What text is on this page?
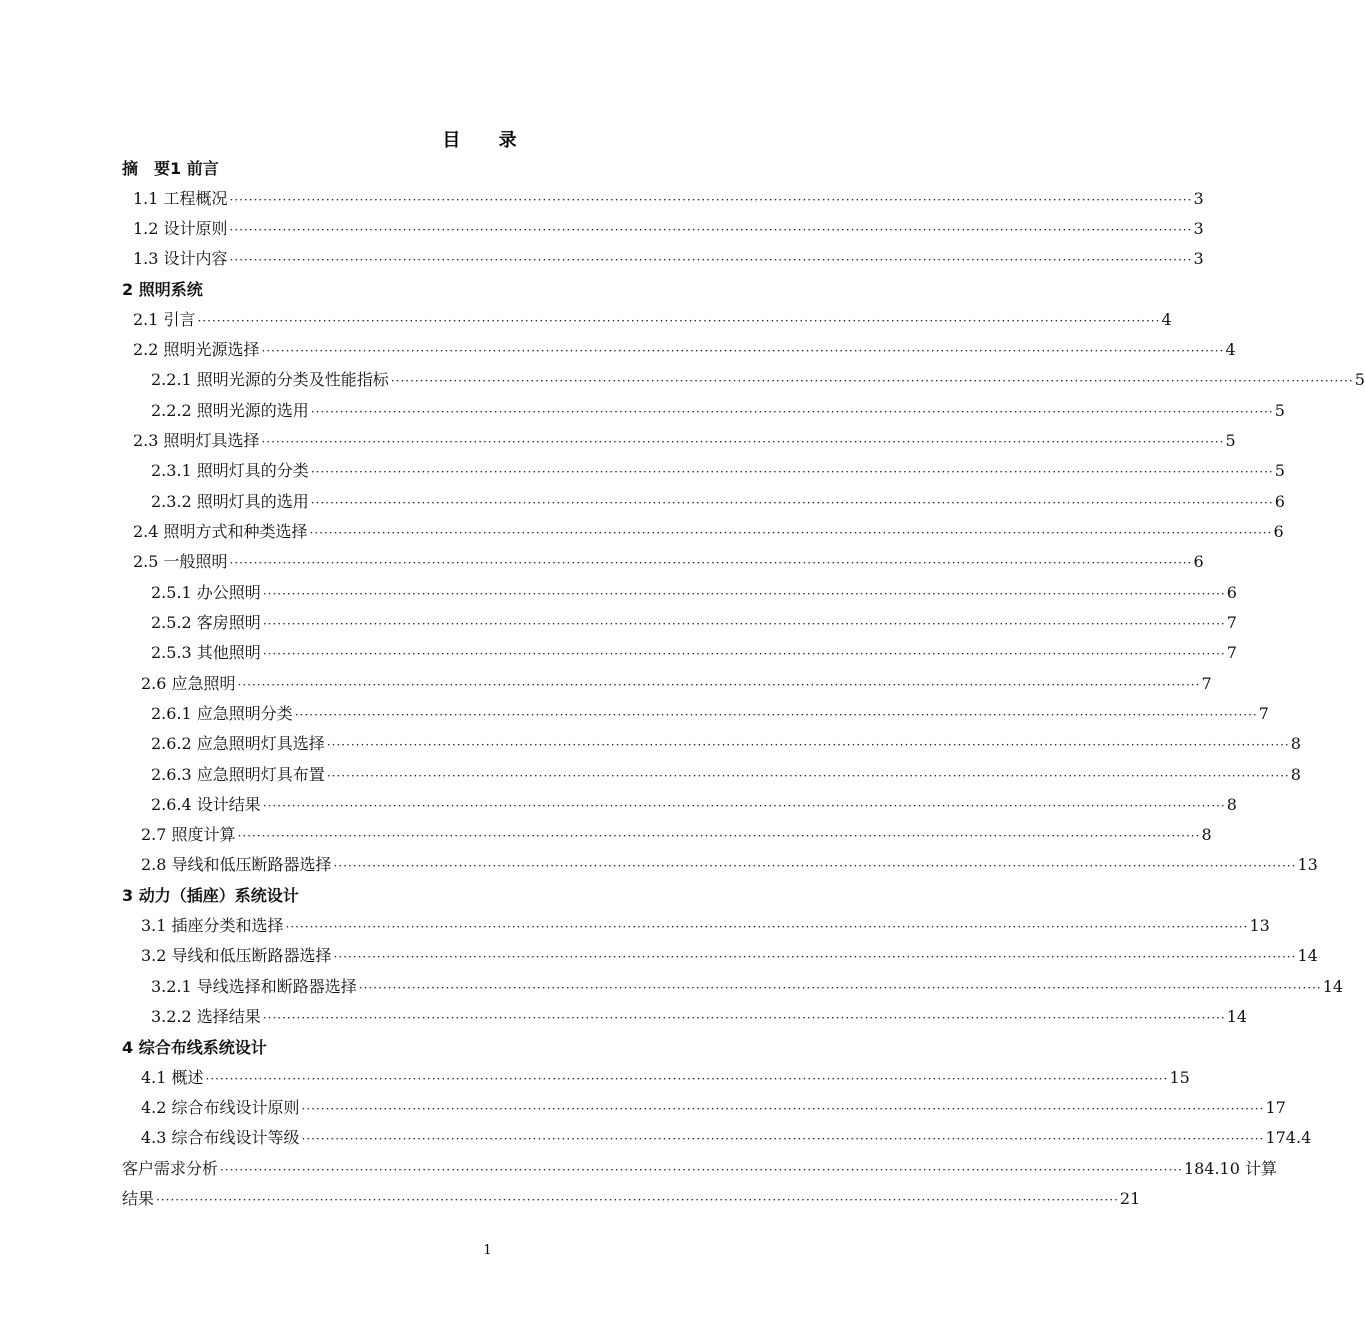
目 录
摘　要1 前言
1.1 工程概况 ········································································································································································································ 3
1.2 设计原则 ········································································································································································································ 3
1.3 设计内容 ········································································································································································································ 3
2 照明系统
2.1 引言 ········································································································································································································ 4
2.2 照明光源选择 ········································································································································································································ 4
2.2.1 照明光源的分类及性能指标 ········································································································································································································ 5
2.2.2 照明光源的选用 ········································································································································································································ 5
2.3 照明灯具选择 ········································································································································································································ 5
2.3.1 照明灯具的分类 ········································································································································································································ 5
2.3.2 照明灯具的选用 ········································································································································································································ 6
2.4 照明方式和种类选择 ········································································································································································································ 6
2.5 一般照明 ········································································································································································································ 6
2.5.1 办公照明 ········································································································································································································ 6
2.5.2 客房照明 ········································································································································································································ 7
2.5.3 其他照明 ········································································································································································································ 7
2.6 应急照明 ········································································································································································································ 7
2.6.1 应急照明分类 ········································································································································································································ 7
2.6.2 应急照明灯具选择 ········································································································································································································ 8
2.6.3 应急照明灯具布置 ········································································································································································································ 8
2.6.4 设计结果 ········································································································································································································ 8
2.7 照度计算 ········································································································································································································ 8
2.8 导线和低压断路器选择 ········································································································································································································ 13
3 动力（插座）系统设计
3.1 插座分类和选择 ········································································································································································································ 13
3.2 导线和低压断路器选择 ········································································································································································································ 14
3.2.1 导线选择和断路器选择 ········································································································································································································ 14
3.2.2 选择结果 ········································································································································································································ 14
4 综合布线系统设计
4.1 概述 ········································································································································································································ 15
4.2 综合布线设计原则 ········································································································································································································ 17
4.3 综合布线设计等级 ········································································································································································································ 174.4
客户需求分析 ········································································································································································································ 184.10 计算
结果 ········································································································································································································ 21
1
